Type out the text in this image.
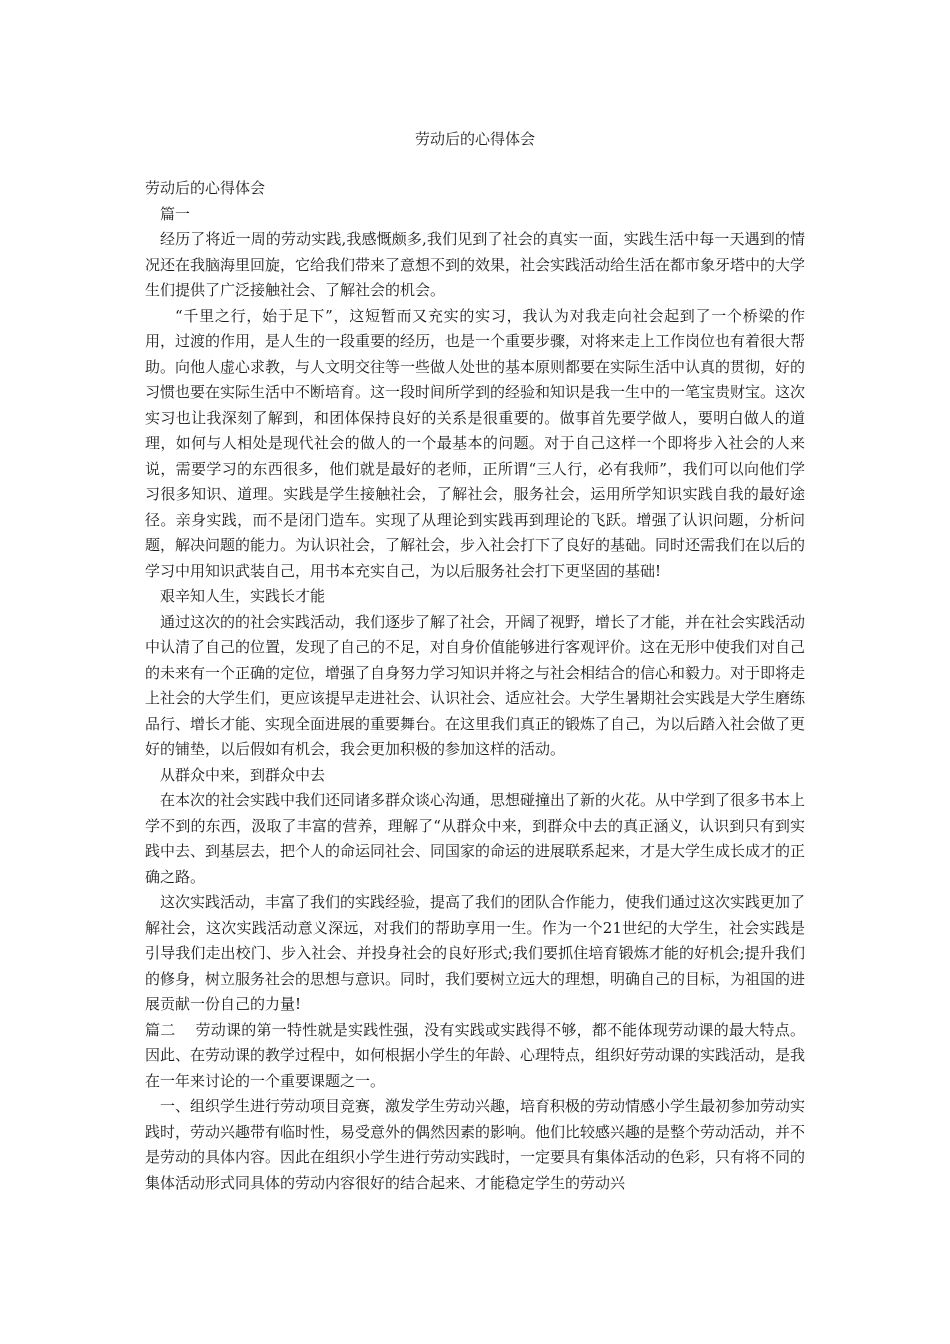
劳动后的心得体会

劳动后的心得体会

篇一

经历了将近一周的劳动实践,我感慨颇多,我们见到了社会的真实一面，实践生活中每一天遇到的情况还在我脑海里回旋，它给我们带来了意想不到的效果，社会实践活动给生活在都市象牙塔中的大学生们提供了广泛接触社会、了解社会的机会。

“千里之行，始于足下”，这短暂而又充实的实习，我认为对我走向社会起到了一个桥梁的作用，过渡的作用，是人生的一段重要的经历，也是一个重要步骤，对将来走上工作岗位也有着很大帮助。向他人虚心求教，与人文明交往等一些做人处世的基本原则都要在实际生活中认真的贯彻，好的习惯也要在实际生活中不断培育。这一段时间所学到的经验和知识是我一生中的一笔宝贵财宝。这次实习也让我深刻了解到，和团体保持良好的关系是很重要的。做事首先要学做人，要明白做人的道理，如何与人相处是现代社会的做人的一个最基本的问题。对于自己这样一个即将步入社会的人来说，需要学习的东西很多，他们就是最好的老师，正所谓“三人行，必有我师”，我们可以向他们学习很多知识、道理。实践是学生接触社会，了解社会，服务社会，运用所学知识实践自我的最好途径。亲身实践，而不是闭门造车。实现了从理论到实践再到理论的飞跃。增强了认识问题，分析问题，解决问题的能力。为认识社会，了解社会，步入社会打下了良好的基础。同时还需我们在以后的学习中用知识武装自己，用书本充实自己，为以后服务社会打下更坚固的基础!

艰辛知人生，实践长才能

通过这次的的社会实践活动，我们逐步了解了社会，开阔了视野，增长了才能，并在社会实践活动中认清了自己的位置，发现了自己的不足，对自身价值能够进行客观评价。这在无形中使我们对自己的未来有一个正确的定位，增强了自身努力学习知识并将之与社会相结合的信心和毅力。对于即将走上社会的大学生们，更应该提早走进社会、认识社会、适应社会。大学生暑期社会实践是大学生磨练品行、增长才能、实现全面进展的重要舞台。在这里我们真正的锻炼了自己，为以后踏入社会做了更好的铺垫，以后假如有机会，我会更加积极的参加这样的活动。

从群众中来，到群众中去

在本次的社会实践中我们还同诸多群众谈心沟通，思想碰撞出了新的火花。从中学到了很多书本上学不到的东西，汲取了丰富的营养，理解了“从群众中来，到群众中去的真正涵义，认识到只有到实践中去、到基层去，把个人的命运同社会、同国家的命运的进展联系起来，才是大学生成长成才的正确之路。

这次实践活动，丰富了我们的实践经验，提高了我们的团队合作能力，使我们通过这次实践更加了解社会，这次实践活动意义深远，对我们的帮助享用一生。作为一个21世纪的大学生，社会实践是引导我们走出校门、步入社会、并投身社会的良好形式;我们要抓住培育锻炼才能的好机会;提升我们的修身，树立服务社会的思想与意识。同时，我们要树立远大的理想，明确自己的目标，为祖国的进展贡献一份自己的力量!

篇二 劳动课的第一特性就是实践性强，没有实践或实践得不够，都不能体现劳动课的最大特点。因此、在劳动课的教学过程中，如何根据小学生的年龄、心理特点，组织好劳动课的实践活动，是我在一年来讨论的一个重要课题之一。

一、组织学生进行劳动项目竞赛，激发学生劳动兴趣，培育积极的劳动情感小学生最初参加劳动实践时，劳动兴趣带有临时性，易受意外的偶然因素的影响。他们比较感兴趣的是整个劳动活动，并不是劳动的具体内容。因此在组织小学生进行劳动实践时，一定要具有集体活动的色彩，只有将不同的集体活动形式同具体的劳动内容很好的结合起来、才能稳定学生的劳动兴
